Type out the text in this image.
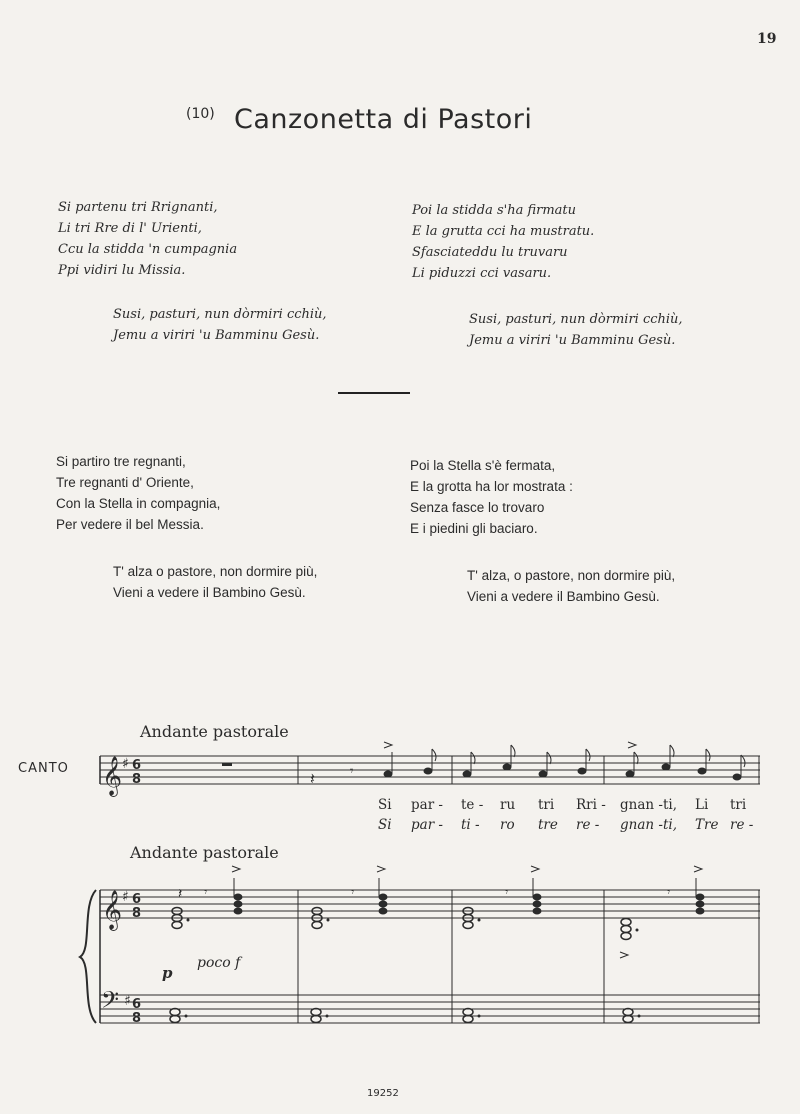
19
(10) Canzonetta di Pastori
Si partenu tri Rrignanti,
Li tri Rre di l' Urienti,
Ccu la stidda 'n cumpagnia
Ppi vidiri lu Missia.
Susi, pasturi, nun dòrmiri cchiù,
Jemu a viriri 'u Bamminu Gesù.
Poi la stidda s'ha firmatu
E la grutta cci ha mustratu.
Sfasciateddu lu truvaru
Li piduzzi cci vasaru.
Susi, pasturi, nun dòrmiri cchiù,
Jemu a viriri 'u Bamminu Gesù.
Si partiro tre regnanti,
Tre regnanti d' Oriente,
Con la Stella in compagnia,
Per vedere il bel Messia.
T' alza o pastore, non dormire più,
Vieni a vedere il Bambino Gesù.
Poi la Stella s'è fermata,
E la grotta ha lor mostrata :
Senza fasce lo trovaro
E i piedini gli baciaro.
T' alza, o pastore, non dormire più,
Vieni a vedere il Bambino Gesù.
Andante pastorale
CANTO
Andante pastorale
𝄞
𝄞
𝄢
♯
♯
♯
6
8
6
8
6
8
𝄽	𝄾
𝄽 𝄾	𝄾	𝄾	𝄾
p
poco f
Si par - te - ru tri Rri - gnan - ti, Li tri
Si par - ti - ro tre re - gnan - ti, Tre re -
19252
